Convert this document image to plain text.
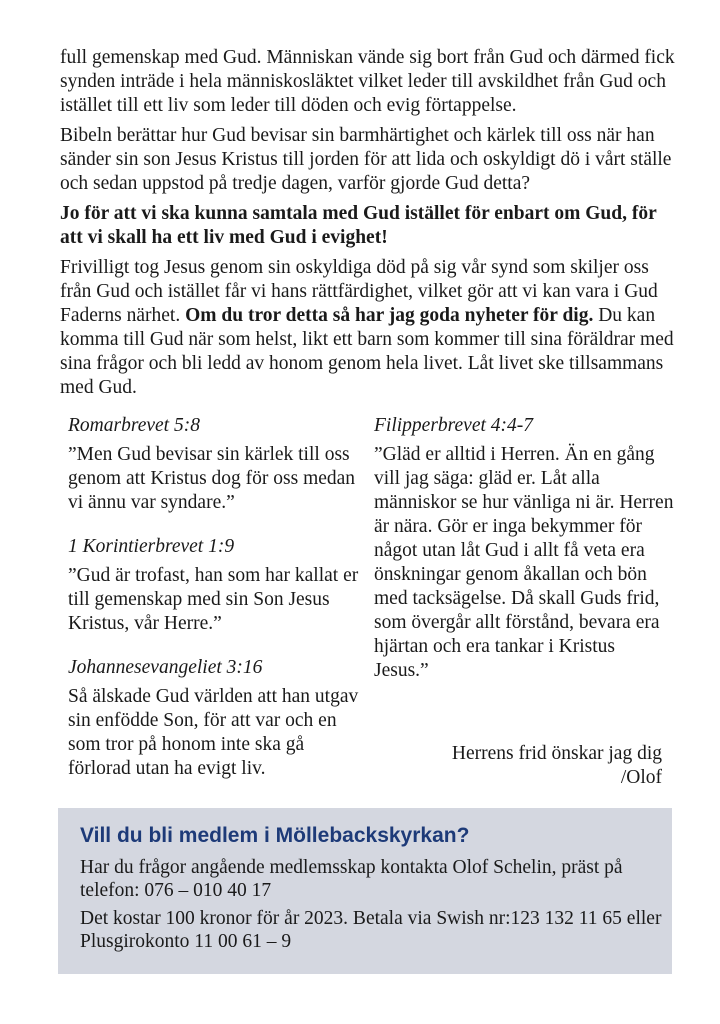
full gemenskap med Gud. Människan vände sig bort från Gud och därmed fick synden inträde i hela människosläktet vilket leder till avskildhet från Gud och istället till ett liv som leder till döden och evig förtappelse.

Bibeln berättar hur Gud bevisar sin barmhärtighet och kärlek till oss när han sänder sin son Jesus Kristus till jorden för att lida och oskyldigt dö i vårt ställe och sedan uppstod på tredje dagen, varför gjorde Gud detta?

Jo för att vi ska kunna samtala med Gud istället för enbart om Gud, för att vi skall ha ett liv med Gud i evighet!

Frivilligt tog Jesus genom sin oskyldiga död på sig vår synd som skiljer oss från Gud och istället får vi hans rättfärdighet, vilket gör att vi kan vara i Gud Faderns närhet. Om du tror detta så har jag goda nyheter för dig. Du kan komma till Gud när som helst, likt ett barn som kommer till sina föräldrar med sina frågor och bli ledd av honom genom hela livet. Låt livet ske tillsammans med Gud.

Romarbrevet 5:8
”Men Gud bevisar sin kärlek till oss genom att Kristus dog för oss medan vi ännu var syndare.”
1 Korintierbrevet 1:9
”Gud är trofast, han som har kallat er till gemenskap med sin Son Jesus Kristus, vår Herre.”
Johannesevangeliet 3:16
Så älskade Gud världen att han utgav sin enfödde Son, för att var och en som tror på honom inte ska gå förlorad utan ha evigt liv.
Filipperbrevet 4:4-7
”Gläd er alltid i Herren. Än en gång vill jag säga: gläd er. Låt alla människor se hur vänliga ni är. Herren är nära. Gör er inga bekymmer för något utan låt Gud i allt få veta era önskningar genom åkallan och bön med tacksägelse. Då skall Guds frid, som övergår allt förstånd, bevara era hjärtan och era tankar i Kristus Jesus.”
Herrens frid önskar jag dig
/Olof
Vill du bli medlem i Möllebackskyrkan?

Har du frågor angående medlemsskap kontakta Olof Schelin, präst på telefon: 076 – 010 40 17

Det kostar 100 kronor för år 2023. Betala via Swish nr:123 132 11 65 eller Plusgirokonto 11 00 61 – 9
